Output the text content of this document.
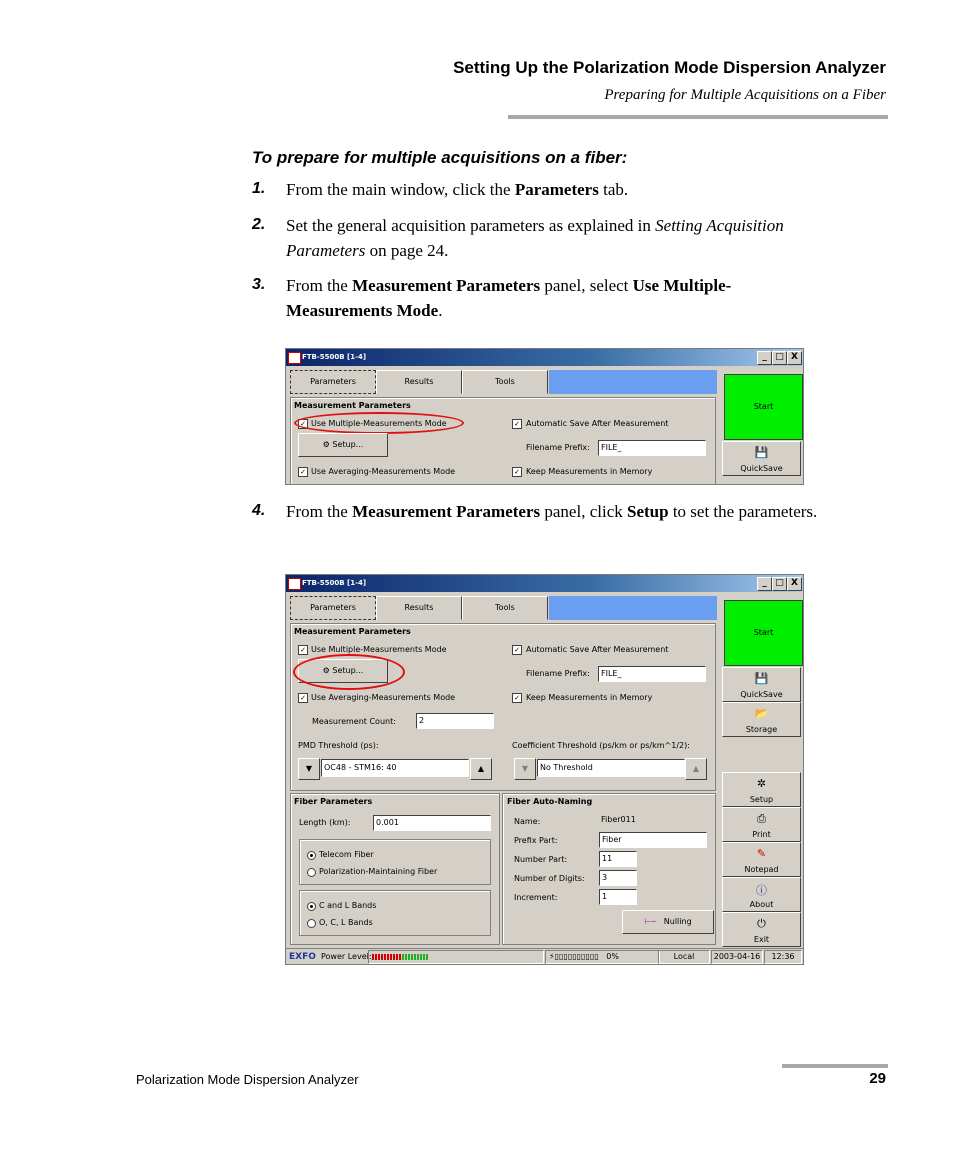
Setting Up the Polarization Mode Dispersion Analyzer
Preparing for Multiple Acquisitions on a Fiber
To prepare for multiple acquisitions on a fiber:
1. From the main window, click the Parameters tab.
2. Set the general acquisition parameters as explained in Setting Acquisition Parameters on page 24.
3. From the Measurement Parameters panel, select Use Multiple-Measurements Mode.
FTB-5500B [1-4]	_ □ X
Parameters	Results	Tools
Measurement Parameters
✓ Use Multiple-Measurements Mode
⚙ Setup...
✓ Use Averaging-Measurements Mode
✓ Automatic Save After Measurement
Filename Prefix:	FILE_
✓ Keep Measurements in Memory
Start
💾
QuickSave
4. From the Measurement Parameters panel, click Setup to set the parameters.
FTB-5500B [1-4]	_ □ X
Parameters	Results	Tools
Measurement Parameters
✓ Use Multiple-Measurements Mode
⚙ Setup...
✓ Use Averaging-Measurements Mode
✓ Automatic Save After Measurement
Filename Prefix:	FILE_
✓ Keep Measurements in Memory
Measurement Count:	2
PMD Threshold (ps):
▼	OC48 - STM16: 40	▲
Coefficient Threshold (ps/km or ps/km^1/2):
▼	No Threshold	▲
Fiber Parameters
Length (km):	0.001
Telecom Fiber
Polarization-Maintaining Fiber
C and L Bands
O, C, L Bands
Fiber Auto-Naming
Name:	Fiber011
Prefix Part:	Fiber
Number Part:	11
Number of Digits:	3
Increment:	1
⊢─ Nulling
Start
💾
QuickSave
📂
Storage
✲
Setup
⎙
Print
✎
Notepad
ⓘ
About
⏻
Exit
EXFO Power Level:	⚡▯▯▯▯▯▯▯▯▯▯   0%	Local	2003-04-16	12:36
Polarization Mode Dispersion Analyzer	29
